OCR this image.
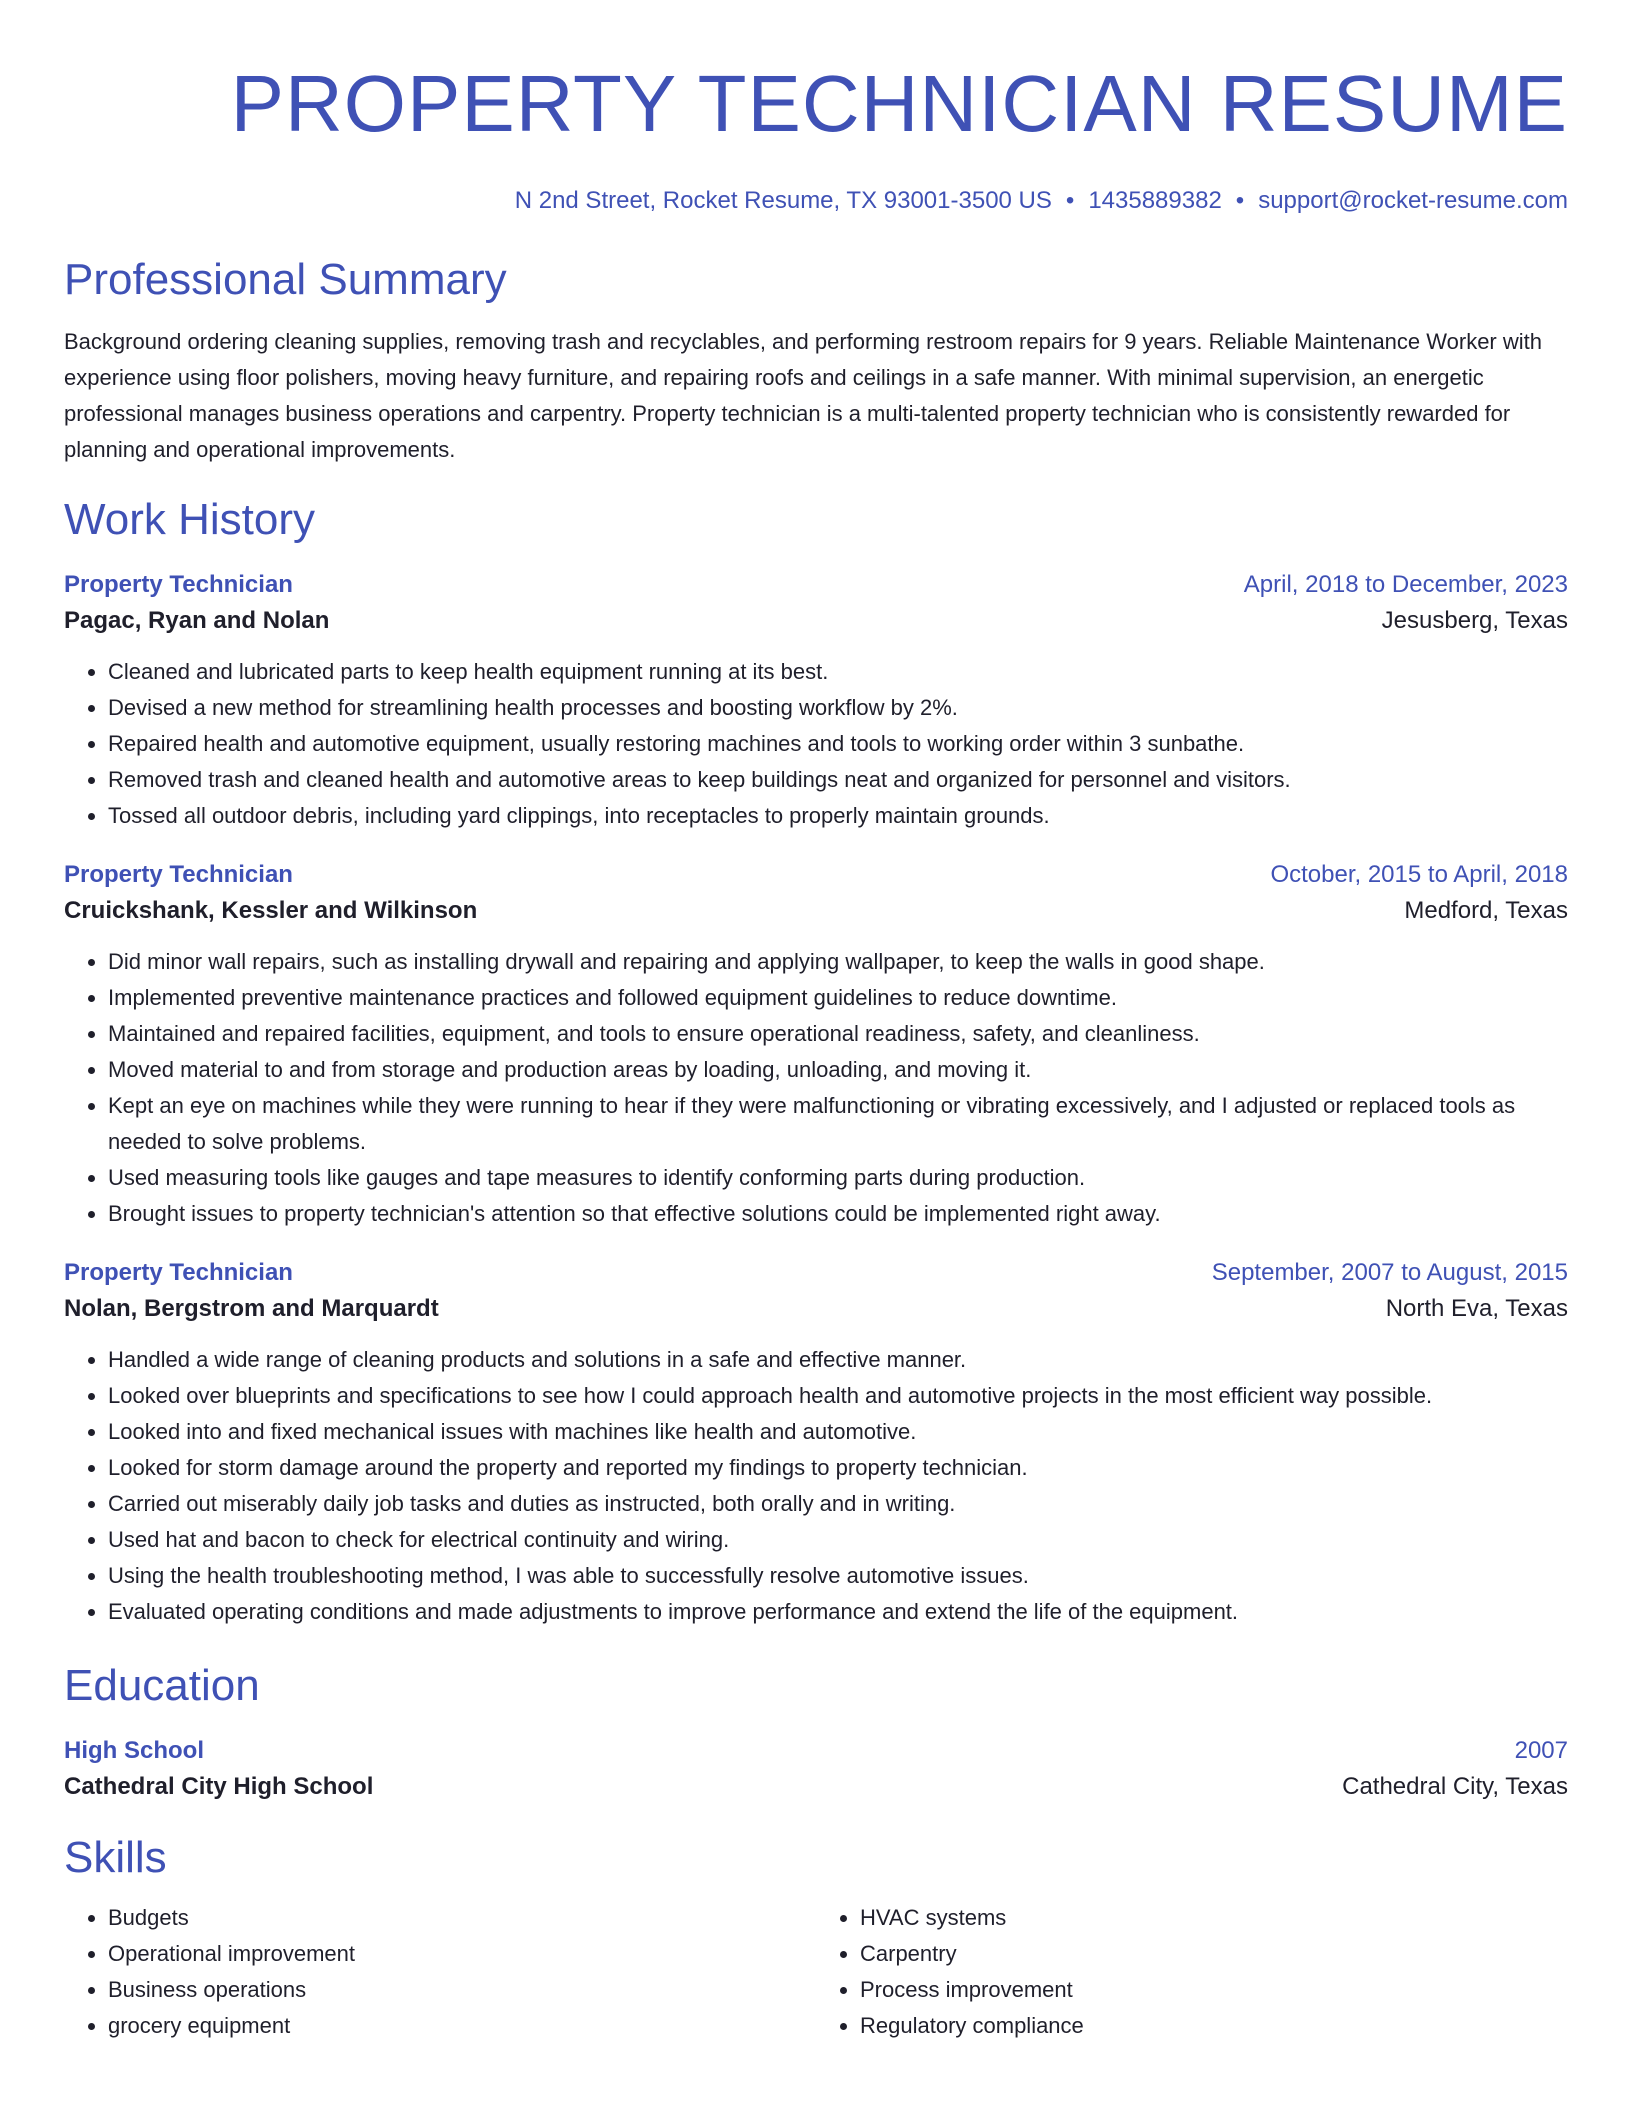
PROPERTY TECHNICIAN RESUME
N 2nd Street, Rocket Resume, TX 93001-3500 US • 1435889382 • support@rocket-resume.com
Professional Summary

Background ordering cleaning supplies, removing trash and recyclables, and performing restroom repairs for 9 years. Reliable Maintenance Worker with experience using floor polishers, moving heavy furniture, and repairing roofs and ceilings in a safe manner. With minimal supervision, an energetic professional manages business operations and carpentry. Property technician is a multi-talented property technician who is consistently rewarded for planning and operational improvements.

Work History
Property Technician	April, 2018 to December, 2023
Pagac, Ryan and Nolan	Jesusberg, Texas
• Cleaned and lubricated parts to keep health equipment running at its best.
• Devised a new method for streamlining health processes and boosting workflow by 2%.
• Repaired health and automotive equipment, usually restoring machines and tools to working order within 3 sunbathe.
• Removed trash and cleaned health and automotive areas to keep buildings neat and organized for personnel and visitors.
• Tossed all outdoor debris, including yard clippings, into receptacles to properly maintain grounds.
Property Technician	October, 2015 to April, 2018
Cruickshank, Kessler and Wilkinson	Medford, Texas
• Did minor wall repairs, such as installing drywall and repairing and applying wallpaper, to keep the walls in good shape.
• Implemented preventive maintenance practices and followed equipment guidelines to reduce downtime.
• Maintained and repaired facilities, equipment, and tools to ensure operational readiness, safety, and cleanliness.
• Moved material to and from storage and production areas by loading, unloading, and moving it.
• Kept an eye on machines while they were running to hear if they were malfunctioning or vibrating excessively, and I adjusted or replaced tools as needed to solve problems.
• Used measuring tools like gauges and tape measures to identify conforming parts during production.
• Brought issues to property technician's attention so that effective solutions could be implemented right away.
Property Technician	September, 2007 to August, 2015
Nolan, Bergstrom and Marquardt	North Eva, Texas
• Handled a wide range of cleaning products and solutions in a safe and effective manner.
• Looked over blueprints and specifications to see how I could approach health and automotive projects in the most efficient way possible.
• Looked into and fixed mechanical issues with machines like health and automotive.
• Looked for storm damage around the property and reported my findings to property technician.
• Carried out miserably daily job tasks and duties as instructed, both orally and in writing.
• Used hat and bacon to check for electrical continuity and wiring.
• Using the health troubleshooting method, I was able to successfully resolve automotive issues.
• Evaluated operating conditions and made adjustments to improve performance and extend the life of the equipment.
Education
High School	2007
Cathedral City High School	Cathedral City, Texas
Skills
• Budgets
• Operational improvement
• Business operations
• grocery equipment
• HVAC systems
• Carpentry
• Process improvement
• Regulatory compliance
